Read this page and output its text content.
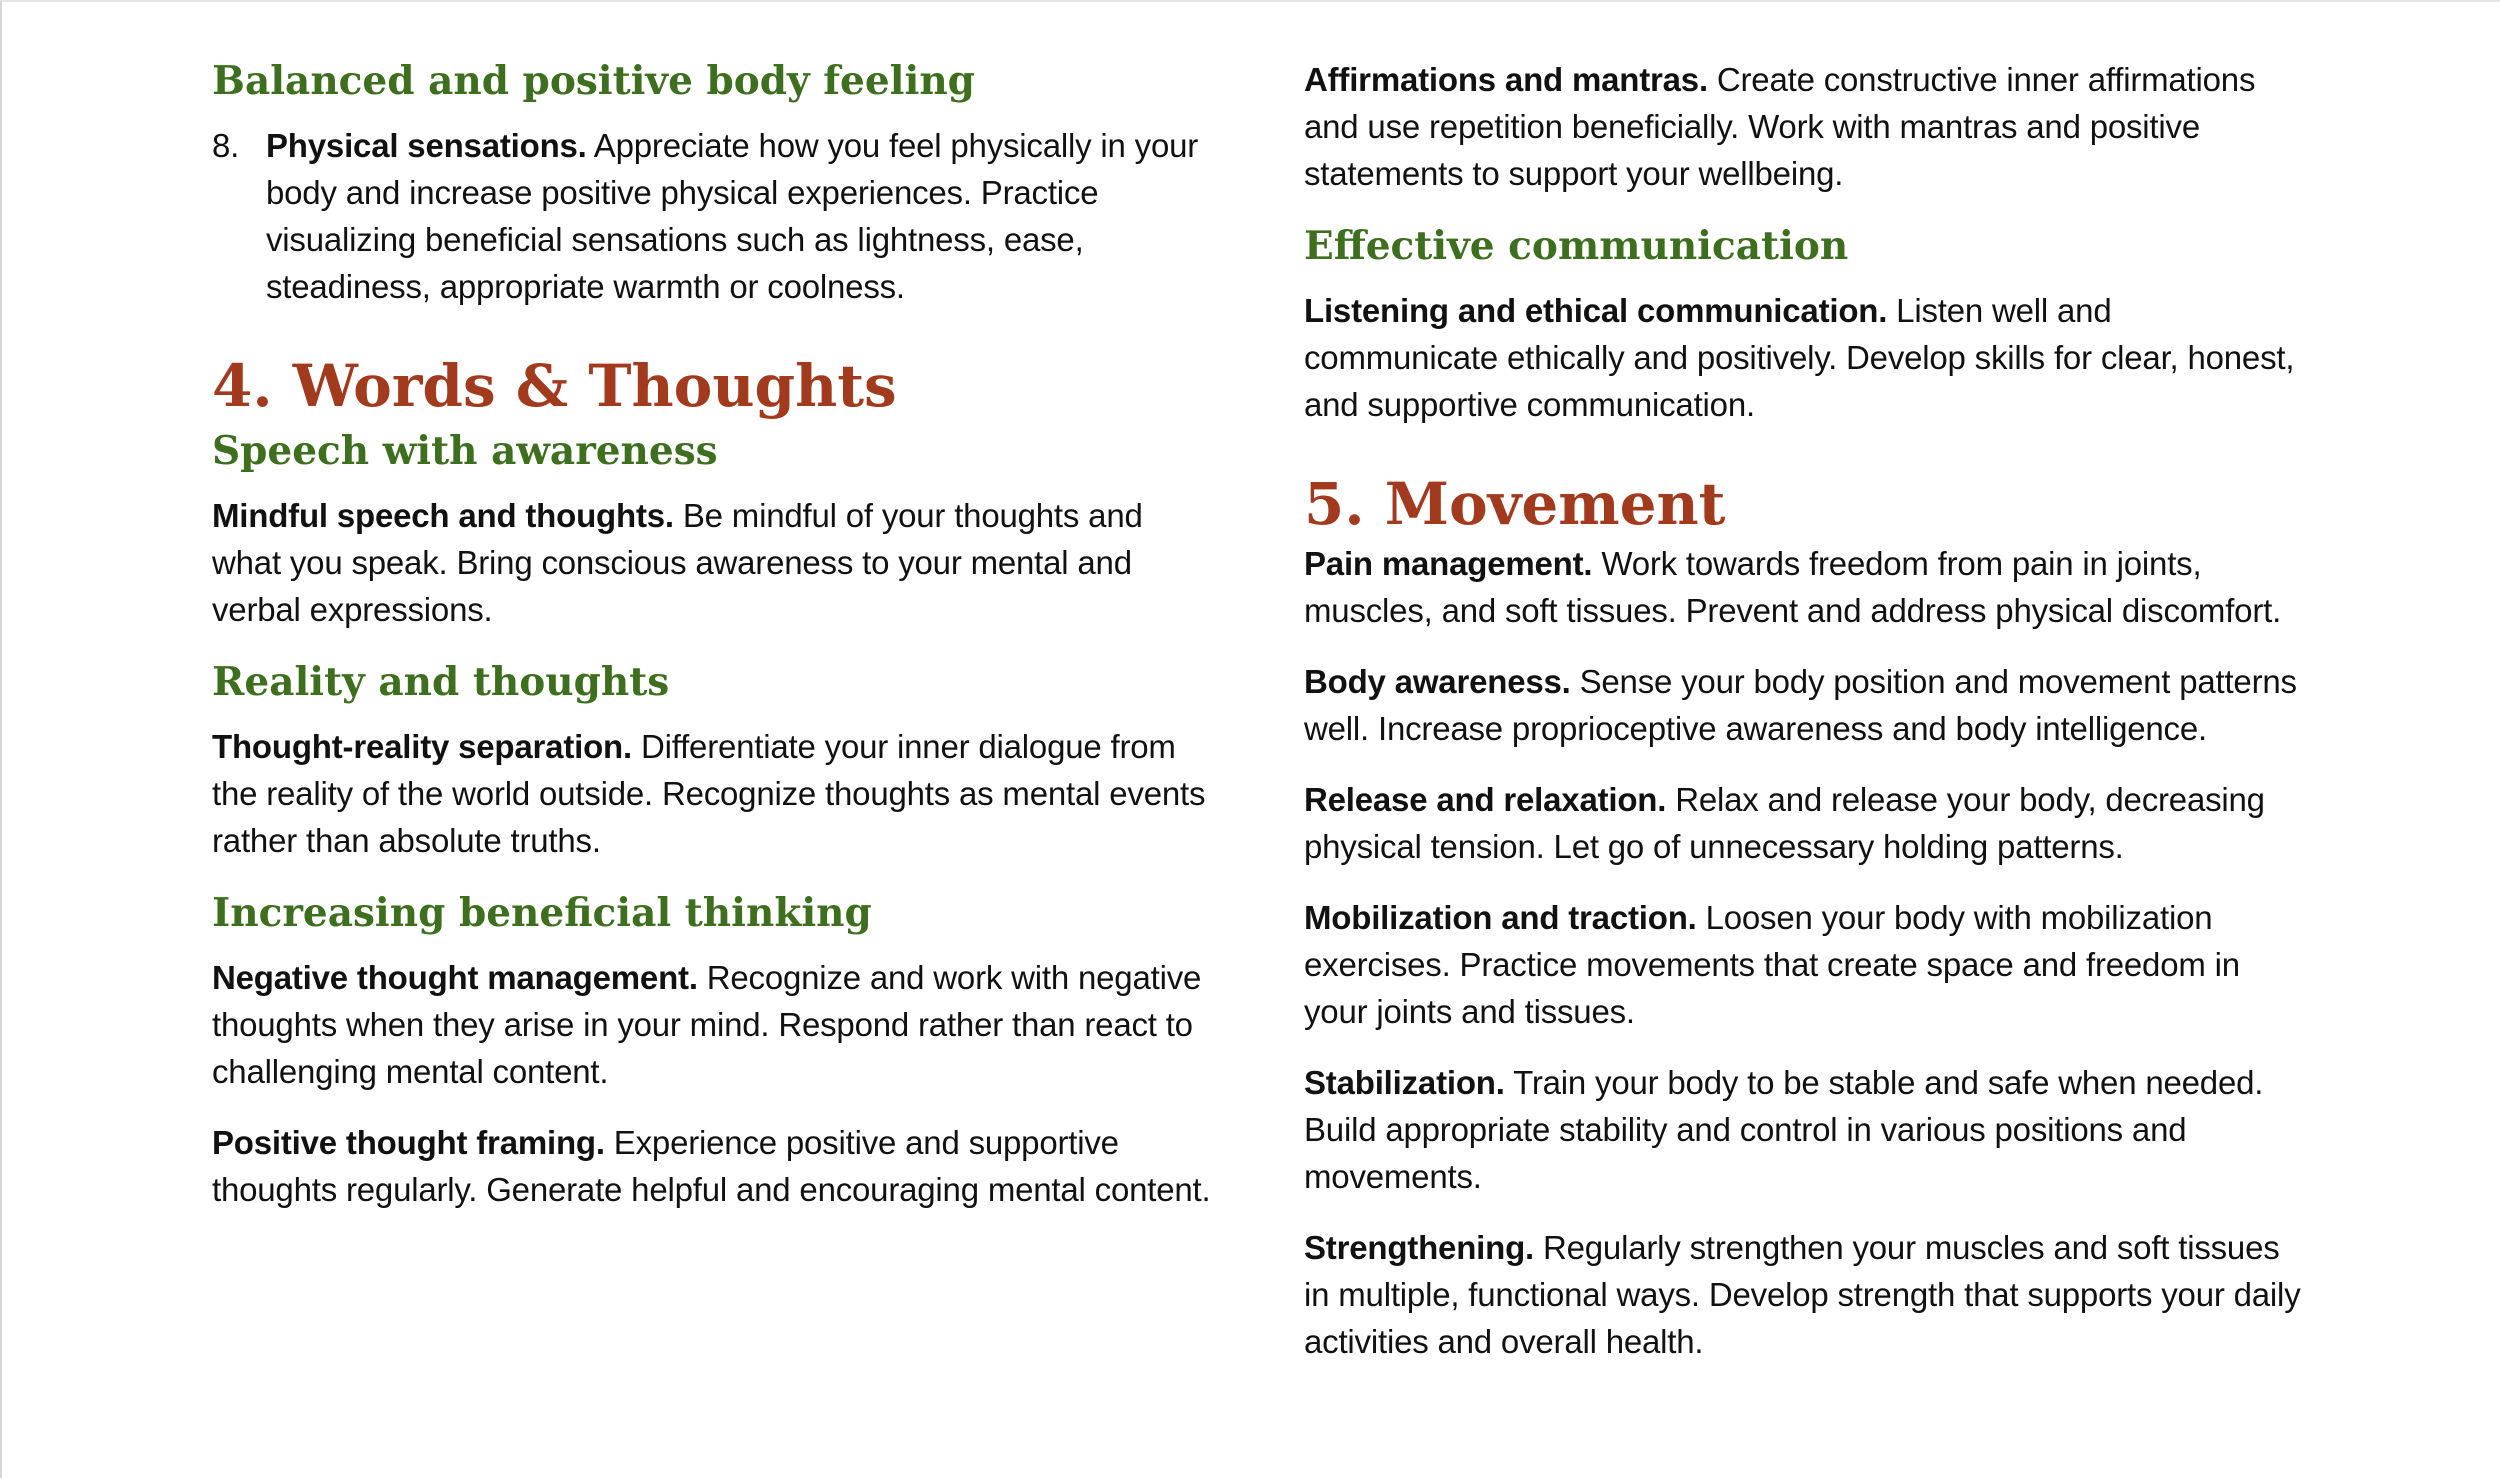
Balanced and positive body feeling
8. Physical sensations. Appreciate how you feel physically in your body and increase positive physical experiences. Practice visualizing beneficial sensations such as lightness, ease, steadiness, appropriate warmth or coolness.
4. Words & Thoughts
Speech with awareness

Mindful speech and thoughts. Be mindful of your thoughts and what you speak. Bring conscious awareness to your mental and verbal expressions.

Reality and thoughts

Thought-reality separation. Differentiate your inner dialogue from the reality of the world outside. Recognize thoughts as mental events rather than absolute truths.

Increasing beneficial thinking

Negative thought management. Recognize and work with negative thoughts when they arise in your mind. Respond rather than react to challenging mental content.

Positive thought framing. Experience positive and supportive thoughts regularly. Generate helpful and encouraging mental content.

Affirmations and mantras. Create constructive inner affirmations and use repetition beneficially. Work with mantras and positive statements to support your wellbeing.

Effective communication

Listening and ethical communication. Listen well and communicate ethically and positively. Develop skills for clear, honest, and supportive communication.

5. Movement

Pain management. Work towards freedom from pain in joints, muscles, and soft tissues. Prevent and address physical discomfort.

Body awareness. Sense your body position and movement patterns well. Increase proprioceptive awareness and body intelligence.

Release and relaxation. Relax and release your body, decreasing physical tension. Let go of unnecessary holding patterns.

Mobilization and traction. Loosen your body with mobilization exercises. Practice movements that create space and freedom in your joints and tissues.

Stabilization. Train your body to be stable and safe when needed. Build appropriate stability and control in various positions and movements.

Strengthening. Regularly strengthen your muscles and soft tissues in multiple, functional ways. Develop strength that supports your daily activities and overall health.
